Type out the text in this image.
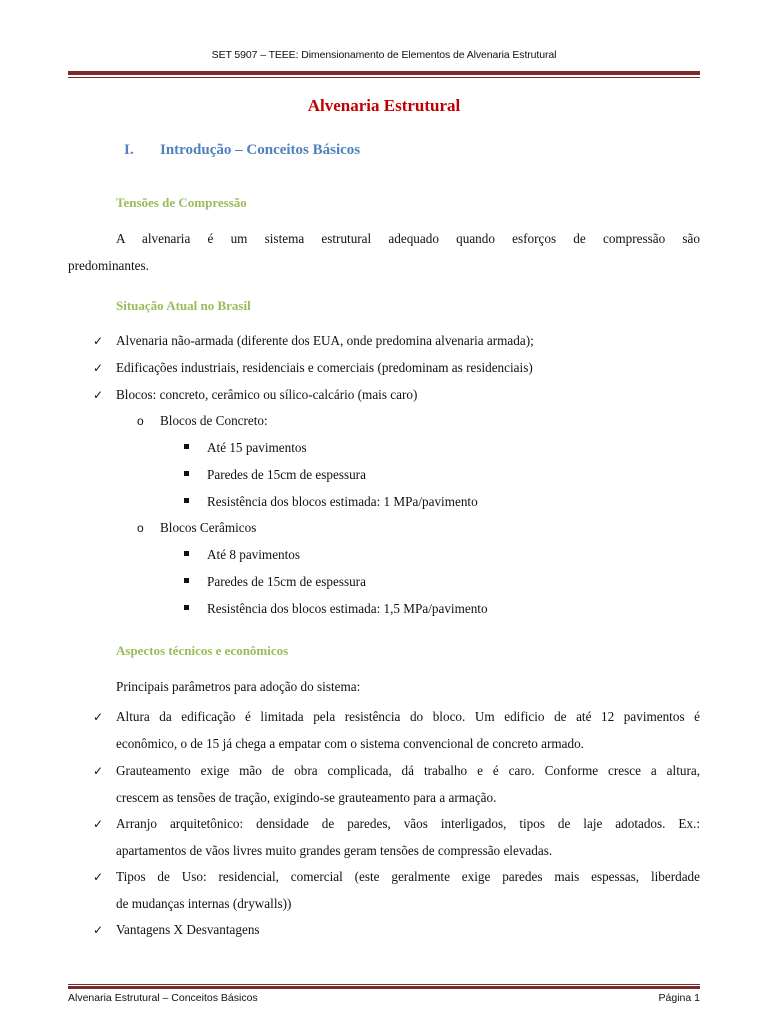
SET 5907 – TEEE: Dimensionamento de Elementos de Alvenaria Estrutural
Alvenaria Estrutural
I. Introdução – Conceitos Básicos
Tensões de Compressão
A alvenaria é um sistema estrutural adequado quando esforços de compressão são
predominantes.
Situação Atual no Brasil
✓ Alvenaria não-armada (diferente dos EUA, onde predomina alvenaria armada);
✓ Edificações industriais, residenciais e comerciais (predominam as residenciais)
✓ Blocos: concreto, cerâmico ou sílico-calcário (mais caro)
o Blocos de Concreto:
Até 15 pavimentos
Paredes de 15cm de espessura
Resistência dos blocos estimada: 1 MPa/pavimento
o Blocos Cerâmicos
Até 8 pavimentos
Paredes de 15cm de espessura
Resistência dos blocos estimada: 1,5 MPa/pavimento
Aspectos técnicos e econômicos
Principais parâmetros para adoção do sistema:
✓ Altura da edificação é limitada pela resistência do bloco. Um edificio de até 12 pavimentos é
econômico, o de 15 já chega a empatar com o sistema convencional de concreto armado.
✓ Grauteamento exige mão de obra complicada, dá trabalho e é caro. Conforme cresce a altura,
crescem as tensões de tração, exigindo-se grauteamento para a armação.
✓ Arranjo arquitetônico: densidade de paredes, vãos interligados, tipos de laje adotados. Ex.:
apartamentos de vãos livres muito grandes geram tensões de compressão elevadas.
✓ Tipos de Uso: residencial, comercial (este geralmente exige paredes mais espessas, liberdade
de mudanças internas (drywalls))
✓ Vantagens X Desvantagens
Alvenaria Estrutural – Conceitos Básicos	Página 1
